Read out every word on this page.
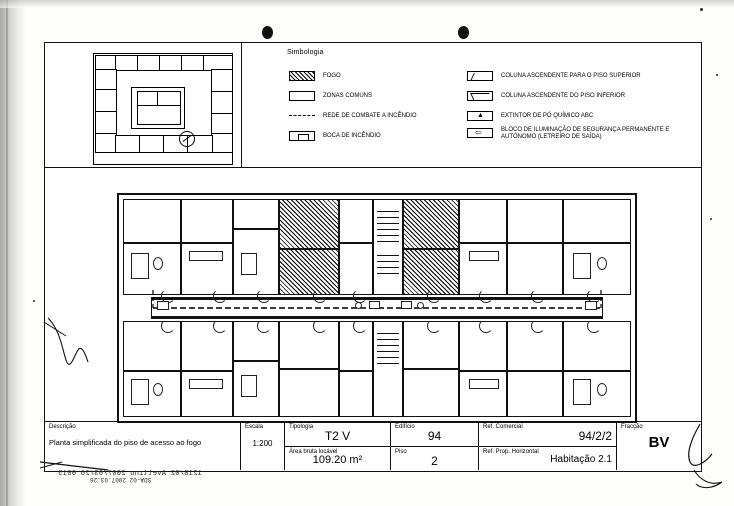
Simbologia
FOGO
ZONAS COMUNS
REDE DE COMBATE A INCÊNDIO
BOCA DE INCÊNDIO
COLUNA ASCENDENTE PARA O PISO SUPERIOR
COLUNA ASCENDENTE DO PISO INFERIOR
▲
EXTINTOR DE PÓ QUÍMICO ABC
⇦
BLOCO DE ILUMINAÇÃO DE SEGURANÇA PERMANENTE E AUTÓNOMO (LETREIRO DE SAÍDA)
Descrição
Planta simplificada do piso de acesso ao fogo
Escala
1:200
Tipologia
T2 V
Área bruta locável
109.20 m²
Edifício
94
Piso
2
Ref. Comercial
94/2/2
Ref. Prop. Horizontal
Habitação 2.1
Fracção
BV
1218/02 Avellino 2007/03/26 0015
SDA-02 2007.03.26
